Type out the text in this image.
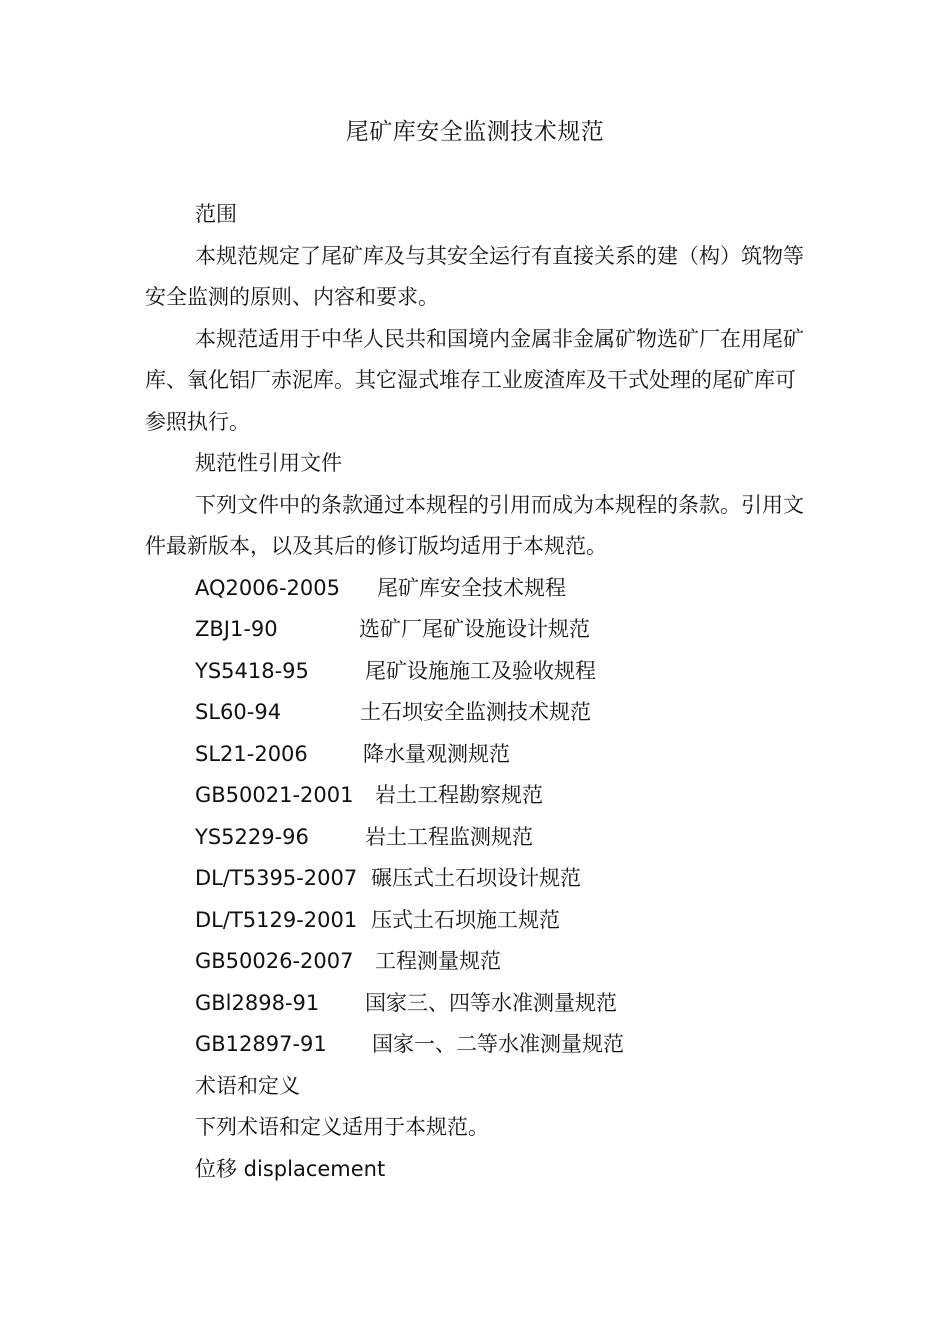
尾矿库安全监测技术规范

范围

本规范规定了尾矿库及与其安全运行有直接关系的建（构）筑物等安全监测的原则、内容和要求。

本规范适用于中华人民共和国境内金属非金属矿物选矿厂在用尾矿库、氧化铝厂赤泥库。其它湿式堆存工业废渣库及干式处理的尾矿库可参照执行。

规范性引用文件

下列文件中的条款通过本规程的引用而成为本规程的条款。引用文件最新版本，以及其后的修订版均适用于本规范。

AQ2006-2005	尾矿库安全技术规程
ZBJ1-90	选矿厂尾矿设施设计规范
YS5418-95	尾矿设施施工及验收规程
SL60-94	土石坝安全监测技术规范
SL21-2006	降水量观测规范
GB50021-2001	岩土工程勘察规范
YS5229-96	岩土工程监测规范
DL/T5395-2007 碾压式土石坝设计规范
DL/T5129-2001 压式土石坝施工规范
GB50026-2007	工程测量规范
GBl2898-91	国家三、四等水准测量规范
GB12897-91	国家一、二等水准测量规范

术语和定义

下列术语和定义适用于本规范。

位移 displacement
